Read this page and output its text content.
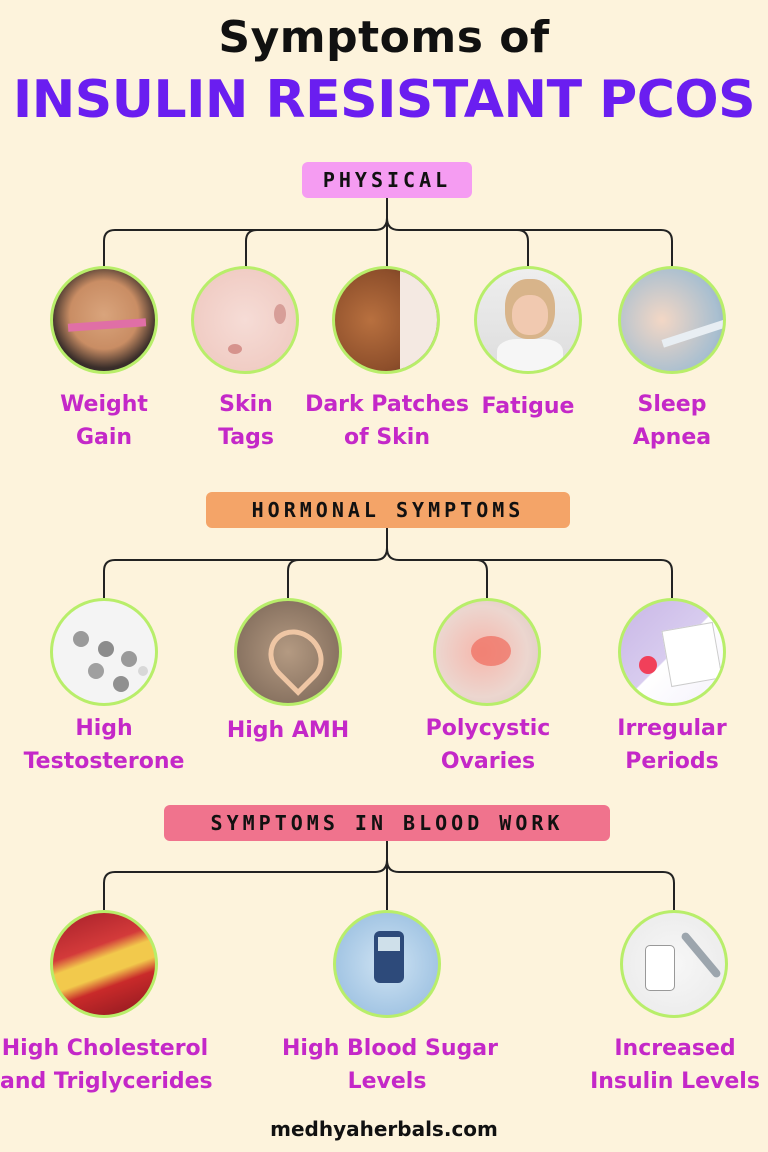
Symptoms of
INSULIN RESISTANT PCOS
PHYSICAL
Weight
Gain
Skin
Tags
Dark Patches
of Skin
Fatigue	Sleep
Apnea
HORMONAL SYMPTOMS
High
Testosterone
High AMH	Polycystic
Ovaries
Irregular
Periods
SYMPTOMS IN BLOOD WORK
High Cholesterol
and Triglycerides
High Blood Sugar
Levels
Increased
Insulin Levels
medhyaherbals.com
